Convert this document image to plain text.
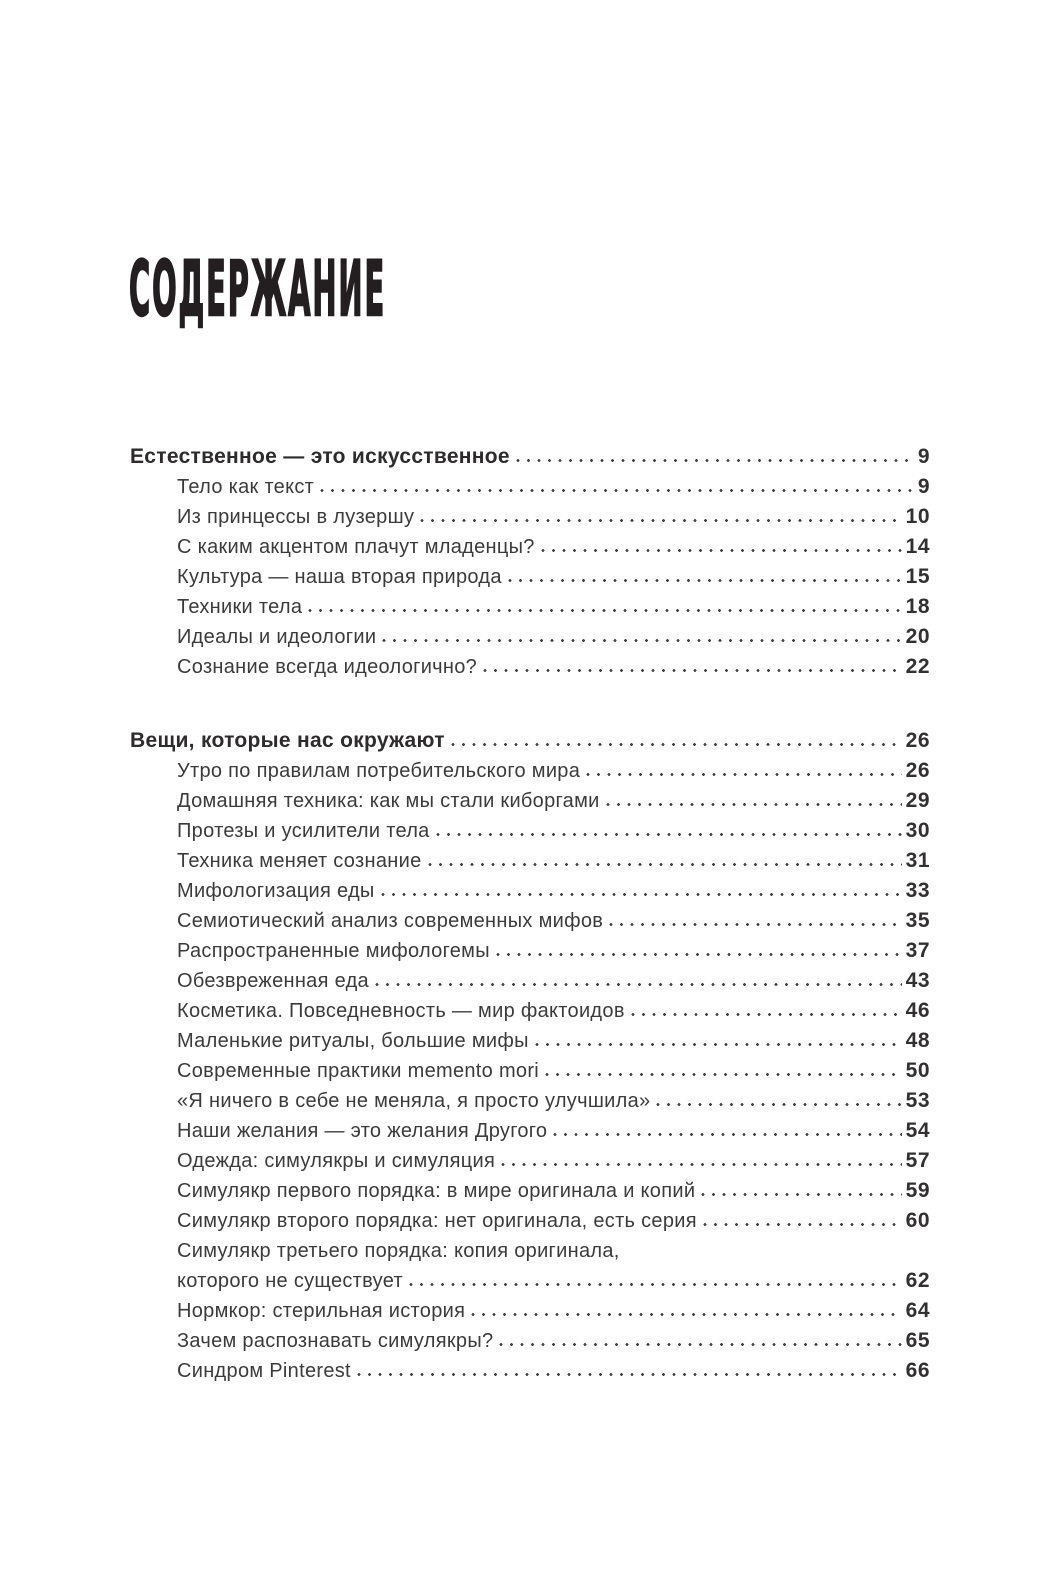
СОДЕРЖАНИЕ
Естественное — это искусственное	9
Тело как текст	9
Из принцессы в лузершу	10
С каким акцентом плачут младенцы?	14
Культура — наша вторая природа	15
Техники тела	18
Идеалы и идеологии	20
Сознание всегда идеологично?	22
Вещи, которые нас окружают	26
Утро по правилам потребительского мира	26
Домашняя техника: как мы стали киборгами	29
Протезы и усилители тела	30
Техника меняет сознание	31
Мифологизация еды	33
Семиотический анализ современных мифов	35
Распространенные мифологемы	37
Обезвреженная еда	43
Косметика. Повседневность — мир фактоидов	46
Маленькие ритуалы, большие мифы	48
Современные практики memento mori	50
«Я ничего в себе не меняла, я просто улучшила»	53
Наши желания — это желания Другого	54
Одежда: симулякры и симуляция	57
Симулякр первого порядка: в мире оригинала и копий	59
Симулякр второго порядка: нет оригинала, есть серия	60
Симулякр третьего порядка: копия оригинала,
которого не существует	62
Нормкор: стерильная история	64
Зачем распознавать симулякры?	65
Синдром Pinterest	66
